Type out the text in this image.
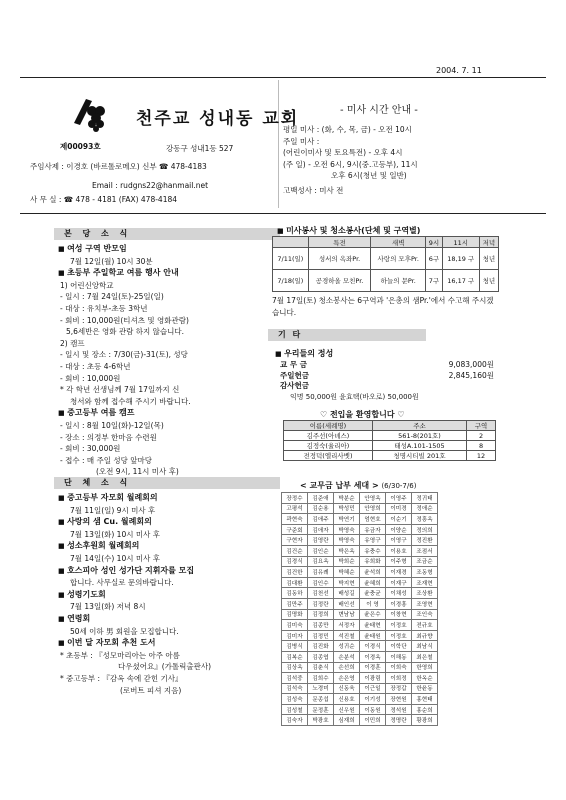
2004. 7. 11
천주교 성내동 교회
제00093호	강동구 성내1동 527
주임사제 : 이경호 (바르톨로메오) 신부 ☎ 478-4183
Email : rudgns22@hanmail.net
사 무 실 : ☎ 478 - 4181 (FAX) 478-4184
- 미사 시간 안내 -
평일 미사 : (화, 수, 목, 금) - 오전 10시
주일 미사 :
(어린이미사 및 토요특전) - 오후 4시
(주 일) - 오전 6시, 9시(중.고등부), 11시
오후 6시(청년 및 일반)
고백성사 : 미사 전
본 당 소 식
■ 여성 구역 반모임
7월 12일(월) 10시 30분
■ 초등부 주일학교 여름 행사 안내
1) 어린신앙학교
- 일시 : 7월 24일(토)-25일(일)
- 대상 : 유치부-초등 3학년
- 회비 : 10,000원(티셔츠 및 영화관람)
5,6세반은 영화 관람 하지 않습니다.
2) 캠프
- 일시 및 장소 : 7/30(금)-31(토), 성당
- 대상 : 초등 4-6학년
- 회비 : 10,000원
* 각 학년 선생님께 7월 17일까지 신
청서와 함께 접수해 주시기 바랍니다.
■ 중고등부 여름 캠프
- 일시 : 8월 10일(화)-12일(목)
- 장소 : 의정부 한마음 수련원
- 회비 : 30,000원
- 접수 : 매 주일 성당 앞마당
(오전 9시, 11시 미사 후)
단 체 소 식
■ 중고등부 자모회 월례회의
7월 11일(일) 9시 미사 후
■ 사랑의 샘 Cu. 월례회의
7월 13일(화) 10시 미사 후
■ 성소후원회 월례회의
7월 14일(수) 10시 미사 후
■ 호스피아 성인 성가단 지휘자를 모집
합니다. 사무실로 문의바랍니다.
■ 성령기도회
7월 13일(화) 저녁 8시
■ 연령회
50세 이하 男 회원을 모집합니다.
■ 이번 달 자모회 추천 도서
* 초등부 : 『성모마리아는 아주 아름
다우셨어요』(가톨릭출판사)
* 중고등부 : 『감옥 속에 갇힌 기사』
(로버트 피셔 지음)
■ 미사봉사 및 청소봉사(단체 및 구역별)
	특전	새벽	9시	11시	저녁
7/11(일)	성서의 옥좌Pr.	사랑의 모후Pr.	6구	18,19 구	청년
7/18(일)	공경하올 모친Pr.	하늘의 문Pr.	7구	16,17 구	청년
7월 17일(토) 청소봉사는 6구역과 '은총의 샘Pr.'에서 수고해 주시겠습니다.
기 타
■ 우리들의 정성
교 무 금	9,083,000원
주일헌금	2,845,160원
감사헌금
익명 50,000원 윤효택(바오로) 50,000원
♡ 전입을 환영합니다 ♡
이름(세례명)	주소	구역
김주선(아녜스)	561-8(201호)	2
김정숙(율리아)	태성A.101-1505	8
전정덕(엘리사벳)	청명시티빌 201호	12
< 교무금 납부 세대 > (6/30-7/6)
장정수	김준애	박분순	안영옥	이영주	정귀태
고평석	김순용	박성민	안영희	이미경	정애순
곽현숙	김애주	박연기	엄현호	이순기	정흥옥
구준회	김애자	박영숙	유금자	이양순	정의희
구현자	김영란	박영숙	유영구	이영구	정진환
김건순	김인순	박은옥	유충수	이용호	조점서
김경식	김요옥	박희순	유희화	이주형	조금순
김건한	김유례	박혜순	윤석희	이재경	조동형
김대환	김인수	박지현	윤혜희	이재구	조재현
김동하	김천선	배성길	윤충균	이채성	조상환
김만주	김정란	배인선	이 영	이경흥	조영현
김명화	김정희	변남남	윤은수	이창현	조인숙
김미숙	김종만	서정자	윤태현	이정호	전규호
김미자	김정민	석진철	윤태원	이정호	최규향
김병식	김진화	성귀순	이경식	이학단	최남식
김복순	김종엽	손분석	이경옥	이해동	최은철
김상옥	김춘식	손선희	이경훈	이희숙	한영희
김석중	김희수	손은영	이광림	이희정	한옥순
김석숙	노경미	신동욱	이근일	장정갑	한윤동
김성숙	문종섭	신용호	이기성	장현원	홍현태
김성철	문정훈	신우원	이동원	정석원	홍순희
김숙자	박광호	심재희	이민희	정명란	황광희
